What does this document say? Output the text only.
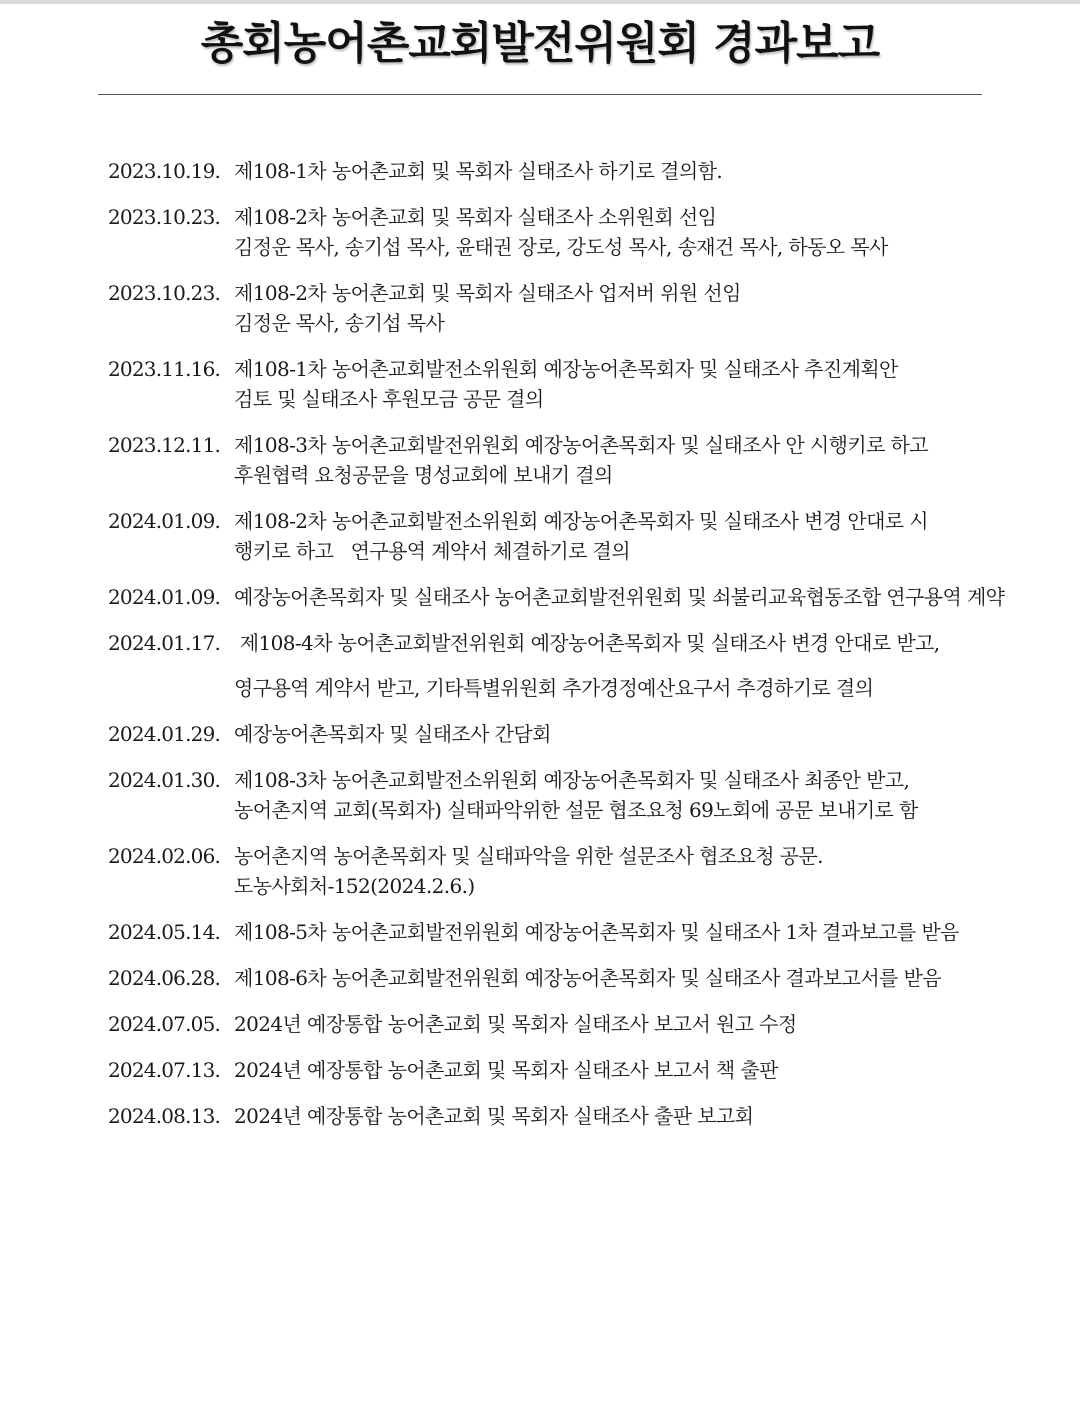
총회농어촌교회발전위원회 경과보고
2023.10.19. 제108-1차 농어촌교회 및 목회자 실태조사 하기로 결의함.
2023.10.23. 제108-2차 농어촌교회 및 목회자 실태조사 소위원회 선임
김정운 목사, 송기섭 목사, 윤태권 장로, 강도성 목사, 송재건 목사, 하동오 목사
2023.10.23. 제108-2차 농어촌교회 및 목회자 실태조사 업저버 위원 선임
김정운 목사, 송기섭 목사
2023.11.16. 제108-1차 농어촌교회발전소위원회 예장농어촌목회자 및 실태조사 추진계획안
검토 및 실태조사 후원모금 공문 결의
2023.12.11. 제108-3차 농어촌교회발전위원회 예장농어촌목회자 및 실태조사 안 시행키로 하고
후원협력 요청공문을 명성교회에 보내기 결의
2024.01.09. 제108-2차 농어촌교회발전소위원회 예장농어촌목회자 및 실태조사 변경 안대로 시
행키로 하고   연구용역 계약서 체결하기로 결의
2024.01.09. 예장농어촌목회자 및 실태조사 농어촌교회발전위원회 및 쇠불리교육협동조합 연구용역 계약
2024.01.17. 제108-4차 농어촌교회발전위원회 예장농어촌목회자 및 실태조사 변경 안대로 받고,
영구용역 계약서 받고, 기타특별위원회 추가경정예산요구서 추경하기로 결의
2024.01.29. 예장농어촌목회자 및 실태조사 간담회
2024.01.30. 제108-3차 농어촌교회발전소위원회 예장농어촌목회자 및 실태조사 최종안 받고,
농어촌지역 교회(목회자) 실태파악위한 설문 협조요청 69노회에 공문 보내기로 함
2024.02.06. 농어촌지역 농어촌목회자 및 실태파악을 위한 설문조사 협조요청 공문.
도농사회처-152(2024.2.6.)
2024.05.14. 제108-5차 농어촌교회발전위원회 예장농어촌목회자 및 실태조사 1차 결과보고를 받음
2024.06.28. 제108-6차 농어촌교회발전위원회 예장농어촌목회자 및 실태조사 결과보고서를 받음
2024.07.05. 2024년 예장통합 농어촌교회 및 목회자 실태조사 보고서 원고 수정
2024.07.13. 2024년 예장통합 농어촌교회 및 목회자 실태조사 보고서 책 출판
2024.08.13. 2024년 예장통합 농어촌교회 및 목회자 실태조사 출판 보고회
